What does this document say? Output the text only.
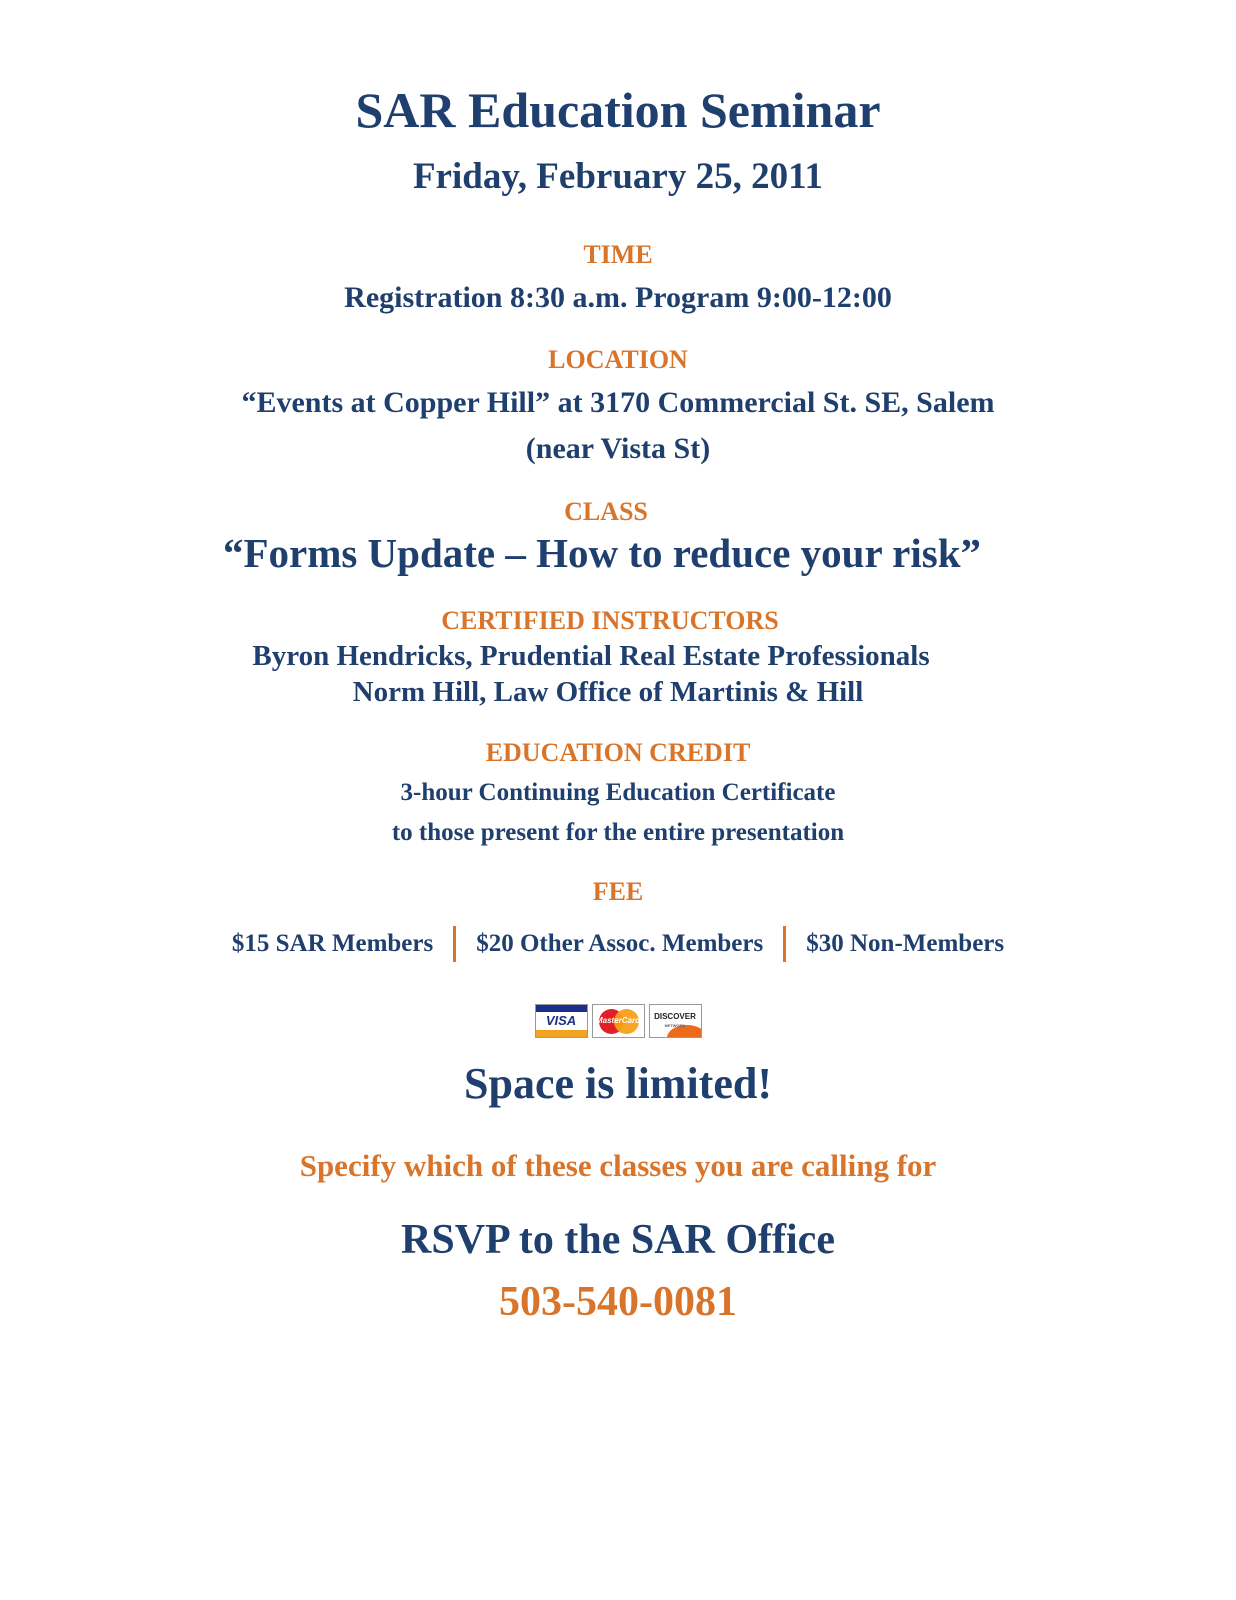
SAR Education Seminar
Friday, February 25, 2011
TIME
Registration 8:30 a.m. Program 9:00-12:00
LOCATION
“Events at Copper Hill” at 3170 Commercial St. SE, Salem
(near Vista St)
CLASS
“Forms Update – How to reduce your risk”
CERTIFIED INSTRUCTORS
Byron Hendricks, Prudential Real Estate Professionals
Norm Hill, Law Office of Martinis & Hill
EDUCATION CREDIT
3-hour Continuing Education Certificate
to those present for the entire presentation
FEE
$15 SAR Members $20 Other Assoc. Members $30 Non-Members
VISA	MasterCard	DISCOVER
NETWORK
Space is limited!
Specify which of these classes you are calling for
RSVP to the SAR Office
503-540-0081
